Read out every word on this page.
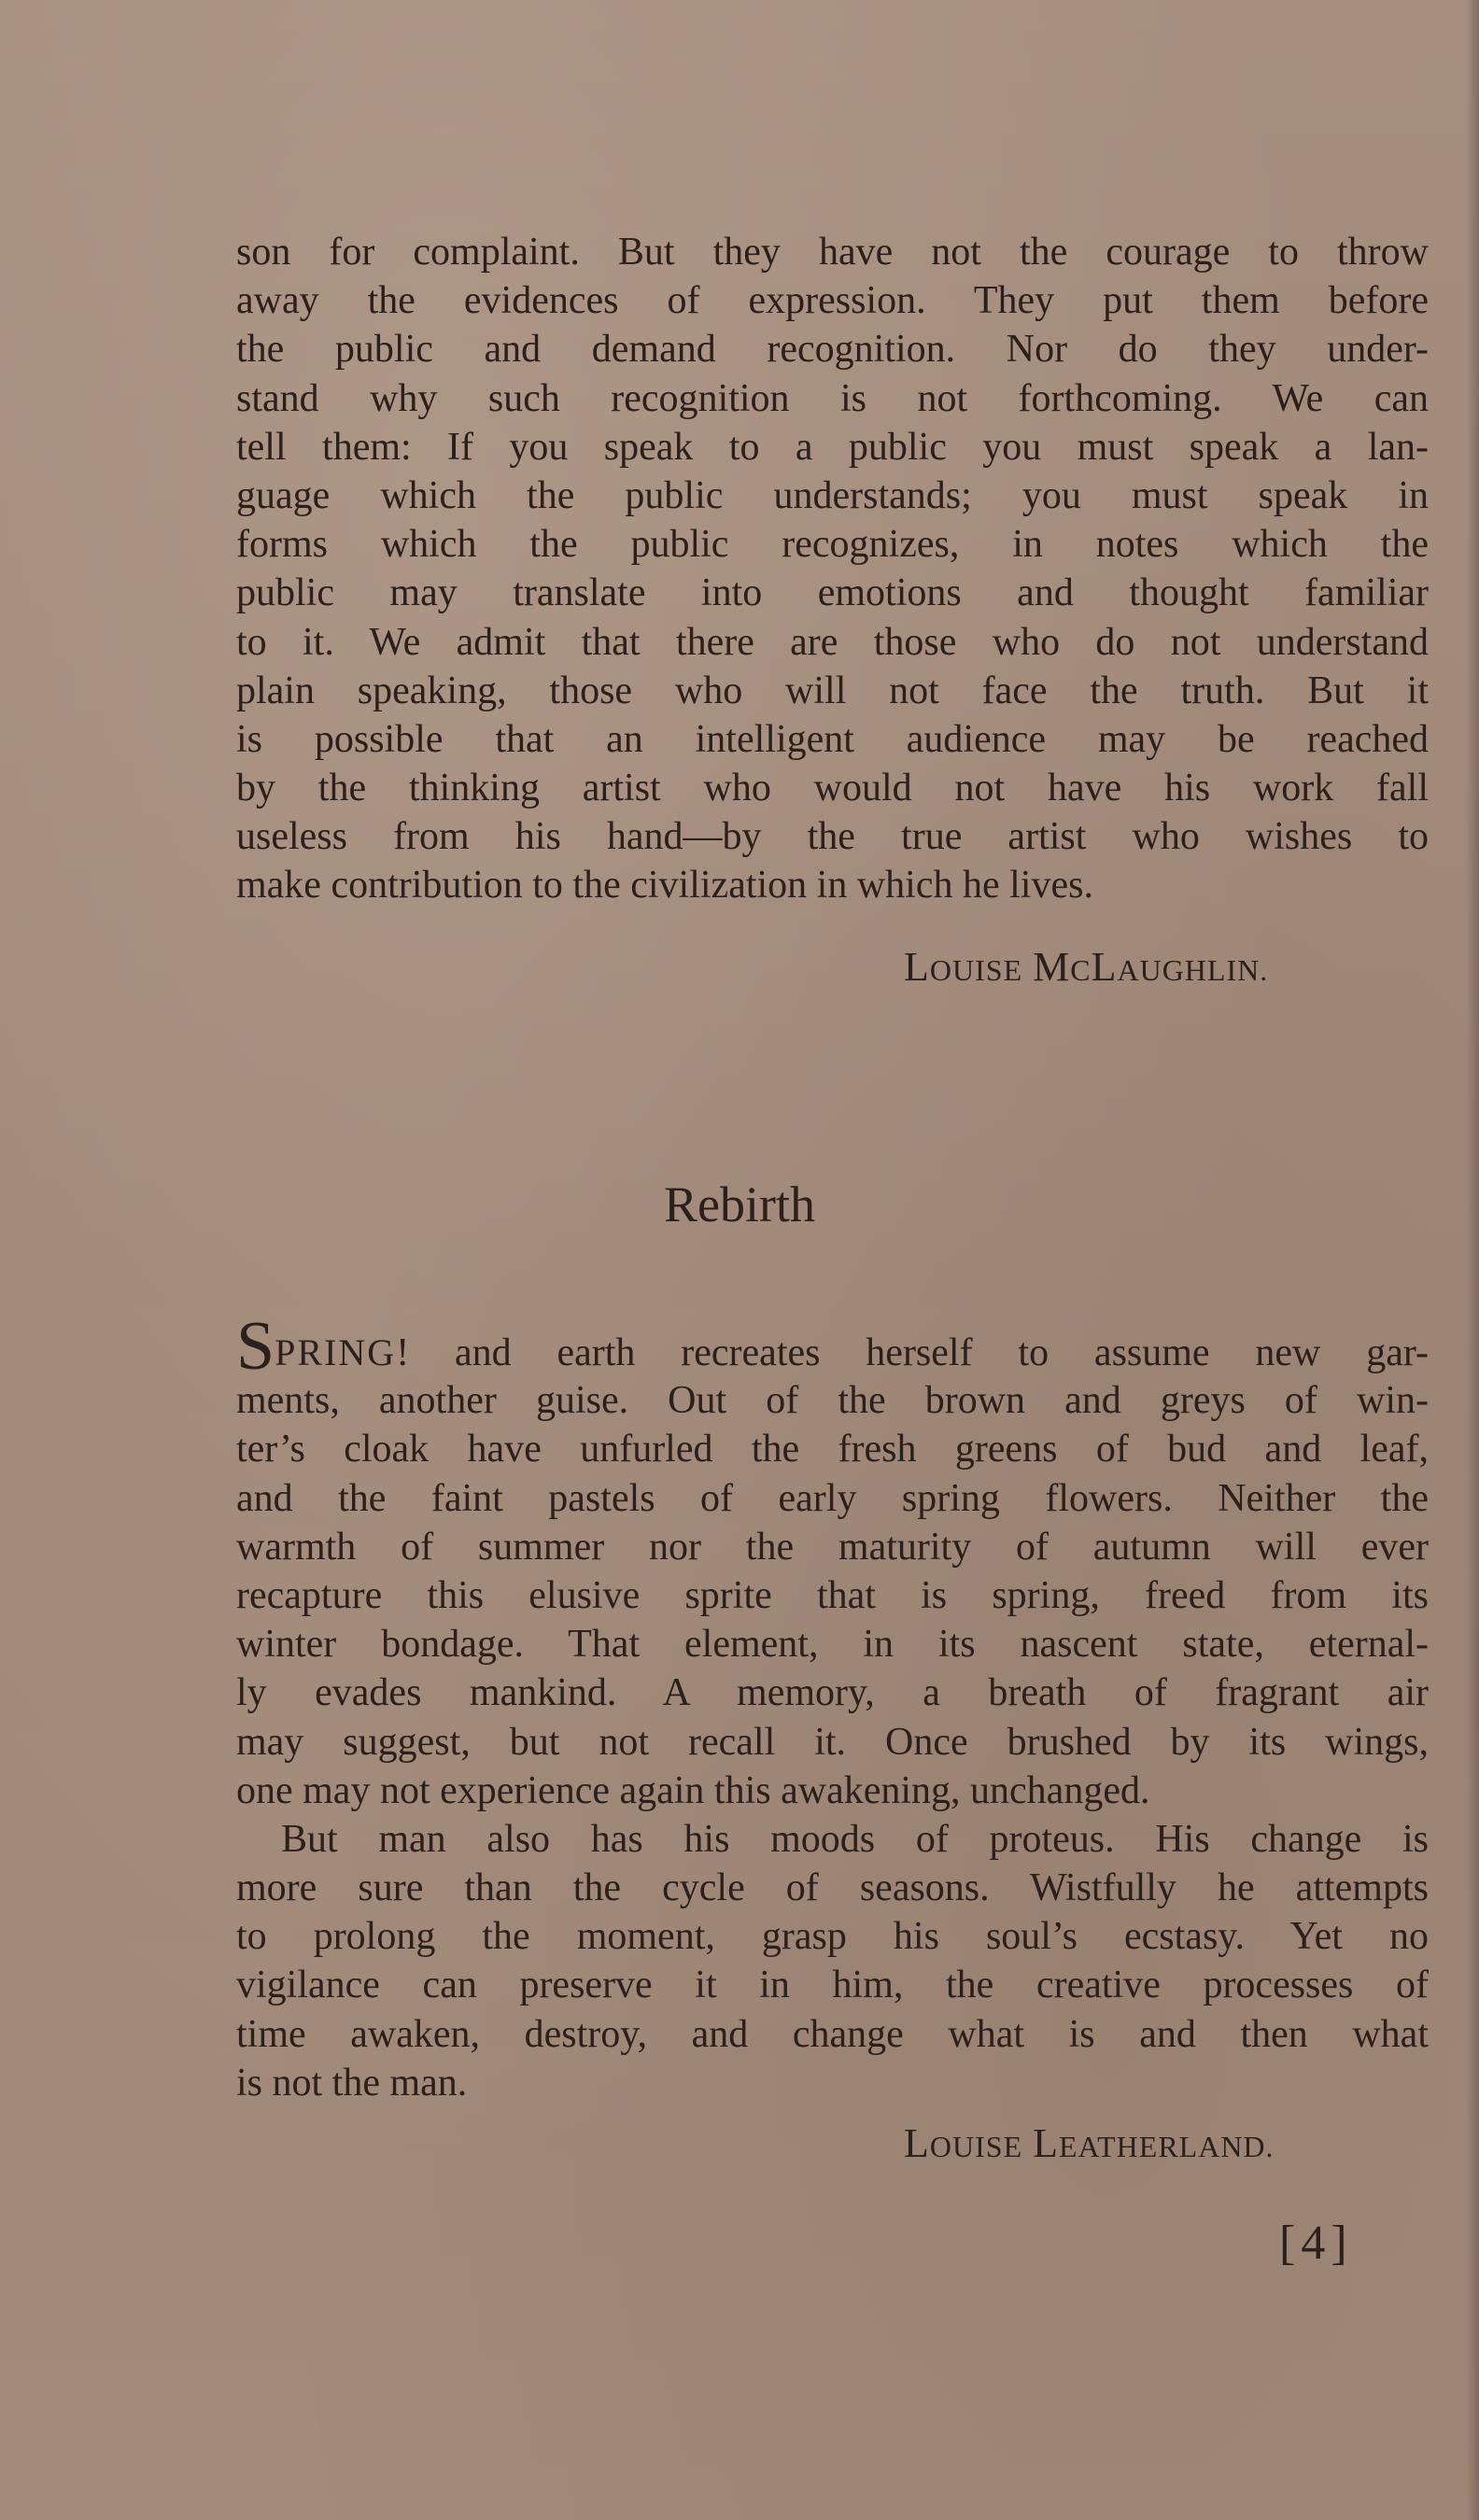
son for complaint. But they have not the courage to throw
away the evidences of expression. They put them before
the public and demand recognition. Nor do they under-
stand why such recognition is not forthcoming. We can
tell them: If you speak to a public you must speak a lan-
guage which the public understands; you must speak in
forms which the public recognizes, in notes which the
public may translate into emotions and thought familiar
to it. We admit that there are those who do not understand
plain speaking, those who will not face the truth. But it
is possible that an intelligent audience may be reached
by the thinking artist who would not have his work fall
useless from his hand—by the true artist who wishes to
make contribution to the civilization in which he lives.
LOUISE MCLAUGHLIN.
Rebirth
SPRING! and earth recreates herself to assume new gar-
ments, another guise. Out of the brown and greys of win-
ter’s cloak have unfurled the fresh greens of bud and leaf,
and the faint pastels of early spring flowers. Neither the
warmth of summer nor the maturity of autumn will ever
recapture this elusive sprite that is spring, freed from its
winter bondage. That element, in its nascent state, eternal-
ly evades mankind. A memory, a breath of fragrant air
may suggest, but not recall it. Once brushed by its wings,
one may not experience again this awakening, unchanged.
But man also has his moods of proteus. His change is
more sure than the cycle of seasons. Wistfully he attempts
to prolong the moment, grasp his soul’s ecstasy. Yet no
vigilance can preserve it in him, the creative processes of
time awaken, destroy, and change what is and then what
is not the man.
LOUISE LEATHERLAND.
[4]
